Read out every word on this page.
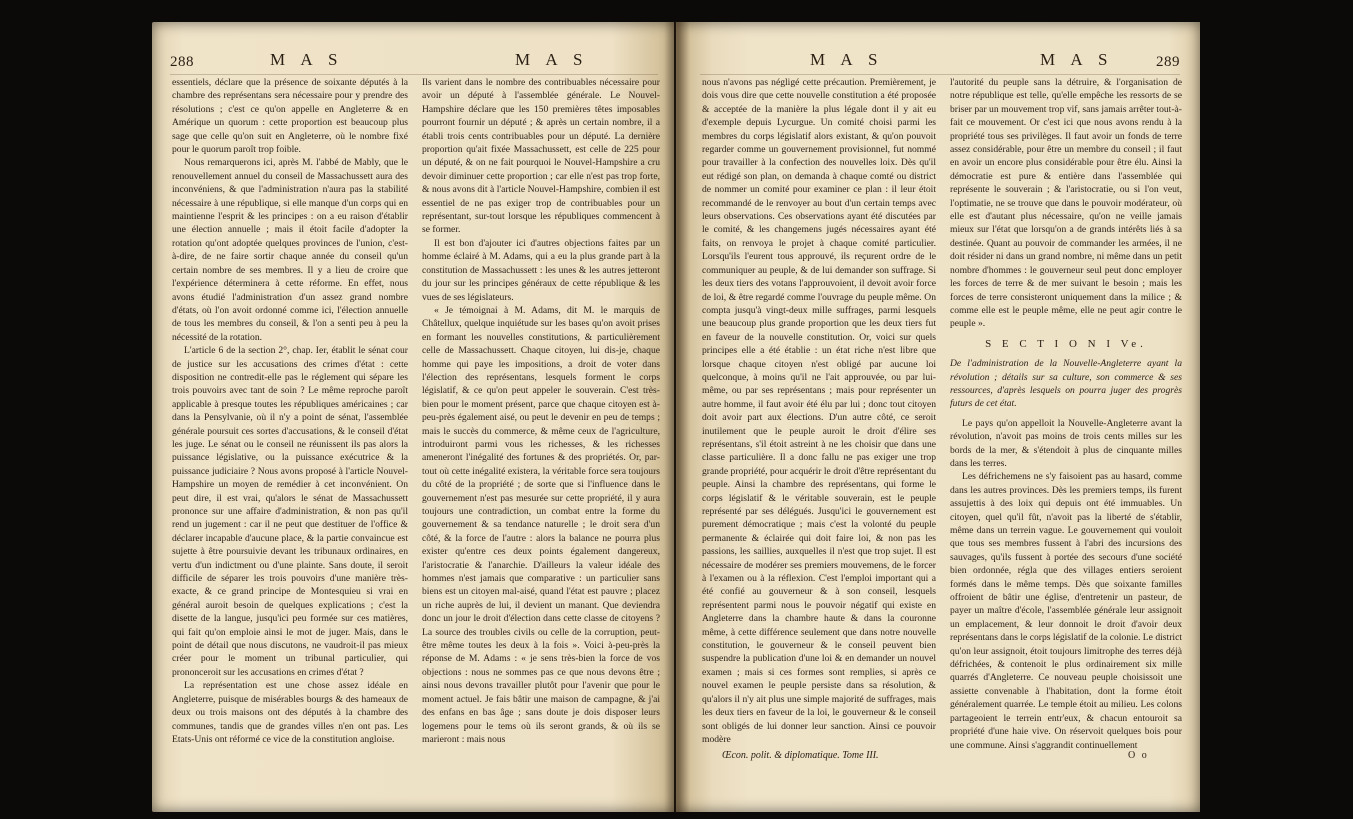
288	M A S	M A S

essentiels, déclare que la présence de soixante députés à la chambre des représentans sera nécessaire pour y prendre des résolutions ; c'est ce qu'on appelle en Angleterre & en Amérique un quorum : cette proportion est beaucoup plus sage que celle qu'on suit en Angleterre, où le nombre fixé pour le quorum paroît trop foible.

Nous remarquerons ici, après M. l'abbé de Mably, que le renouvellement annuel du conseil de Massachussett aura des inconvéniens, & que l'administration n'aura pas la stabilité nécessaire à une république, si elle manque d'un corps qui en maintienne l'esprit & les principes : on a eu raison d'établir une élection annuelle ; mais il étoit facile d'adopter la rotation qu'ont adoptée quelques provinces de l'union, c'est-à-dire, de ne faire sortir chaque année du conseil qu'un certain nombre de ses membres. Il y a lieu de croire que l'expérience déterminera à cette réforme. En effet, nous avons étudié l'administration d'un assez grand nombre d'états, où l'on avoit ordonné comme ici, l'élection annuelle de tous les membres du conseil, & l'on a senti peu à peu la nécessité de la rotation.

L'article 6 de la section 2°, chap. Ier, établit le sénat cour de justice sur les accusations des crimes d'état : cette disposition ne contredit-elle pas le réglement qui sépare les trois pouvoirs avec tant de soin ? Le même reproche paroît applicable à presque toutes les républiques américaines ; car dans la Pensylvanie, où il n'y a point de sénat, l'assemblée générale poursuit ces sortes d'accusations, & le conseil d'état les juge. Le sénat ou le conseil ne réunissent ils pas alors la puissance législative, ou la puissance exécutrice & la puissance judiciaire ? Nous avons proposé à l'article Nouvel-Hampshire un moyen de remédier à cet inconvénient. On peut dire, il est vrai, qu'alors le sénat de Massachussett prononce sur une affaire d'administration, & non pas qu'il rend un jugement : car il ne peut que destituer de l'office & déclarer incapable d'aucune place, & la partie convaincue est sujette à être poursuivie devant les tribunaux ordinaires, en vertu d'un indictment ou d'une plainte. Sans doute, il seroit difficile de séparer les trois pouvoirs d'une manière très-exacte, & ce grand principe de Montesquieu si vrai en général auroit besoin de quelques explications ; c'est la disette de la langue, jusqu'ici peu formée sur ces matières, qui fait qu'on emploie ainsi le mot de juger. Mais, dans le point de détail que nous discutons, ne vaudroit-il pas mieux créer pour le moment un tribunal particulier, qui prononceroit sur les accusations en crimes d'état ?

La représentation est une chose assez idéale en Angleterre, puisque de misérables bourgs & des hameaux de deux ou trois maisons ont des députés à la chambre des communes, tandis que de grandes villes n'en ont pas. Les Etats-Unis ont réformé ce vice de la constitution angloise.

Ils varient dans le nombre des contribuables nécessaire pour avoir un député à l'assemblée générale. Le Nouvel-Hampshire déclare que les 150 premières têtes imposables pourront fournir un député ; & après un certain nombre, il a établi trois cents contribuables pour un député. La dernière proportion qu'ait fixée Massachussett, est celle de 225 pour un député, & on ne fait pourquoi le Nouvel-Hampshire a cru devoir diminuer cette proportion ; car elle n'est pas trop forte, & nous avons dit à l'article Nouvel-Hampshire, combien il est essentiel de ne pas exiger trop de contribuables pour un représentant, sur-tout lorsque les républiques commencent à se former.

Il est bon d'ajouter ici d'autres objections faites par un homme éclairé à M. Adams, qui a eu la plus grande part à la constitution de Massachussett : les unes & les autres jetteront du jour sur les principes généraux de cette république & les vues de ses législateurs.

« Je témoignai à M. Adams, dit M. le marquis de Châtellux, quelque inquiétude sur les bases qu'on avoit prises en formant les nouvelles constitutions, & particulièrement celle de Massachussett. Chaque citoyen, lui dis-je, chaque homme qui paye les impositions, a droit de voter dans l'élection des représentans, lesquels forment le corps législatif, & ce qu'on peut appeler le souverain. C'est très-bien pour le moment présent, parce que chaque citoyen est à-peu-près également aisé, ou peut le devenir en peu de temps ; mais le succès du commerce, & même ceux de l'agriculture, introduiront parmi vous les richesses, & les richesses ameneront l'inégalité des fortunes & des propriétés. Or, par-tout où cette inégalité existera, la véritable force sera toujours du côté de la propriété ; de sorte que si l'influence dans le gouvernement n'est pas mesurée sur cette propriété, il y aura toujours une contradiction, un combat entre la forme du gouvernement & sa tendance naturelle ; le droit sera d'un côté, & la force de l'autre : alors la balance ne pourra plus exister qu'entre ces deux points également dangereux, l'aristocratie & l'anarchie. D'ailleurs la valeur idéale des hommes n'est jamais que comparative : un particulier sans biens est un citoyen mal-aisé, quand l'état est pauvre ; placez un riche auprès de lui, il devient un manant. Que deviendra donc un jour le droit d'élection dans cette classe de citoyens ? La source des troubles civils ou celle de la corruption, peut-être même toutes les deux à la fois ». Voici à-peu-près la réponse de M. Adams : « je sens très-bien la force de vos objections : nous ne sommes pas ce que nous devons être ; ainsi nous devons travailler plutôt pour l'avenir que pour le moment actuel. Je fais bâtir une maison de campagne, & j'ai des enfans en bas âge ; sans doute je dois disposer leurs logemens pour le tems où ils seront grands, & où ils se marieront : mais nous

M A S	M A S	289

nous n'avons pas négligé cette précaution. Premièrement, je dois vous dire que cette nouvelle constitution a été proposée & acceptée de la manière la plus légale dont il y ait eu d'exemple depuis Lycurgue. Un comité choisi parmi les membres du corps législatif alors existant, & qu'on pouvoit regarder comme un gouvernement provisionnel, fut nommé pour travailler à la confection des nouvelles loix. Dès qu'il eut rédigé son plan, on demanda à chaque comté ou district de nommer un comité pour examiner ce plan : il leur étoit recommandé de le renvoyer au bout d'un certain temps avec leurs observations. Ces observations ayant été discutées par le comité, & les changemens jugés nécessaires ayant été faits, on renvoya le projet à chaque comité particulier. Lorsqu'ils l'eurent tous approuvé, ils reçurent ordre de le communiquer au peuple, & de lui demander son suffrage. Si les deux tiers des votans l'approuvoient, il devoit avoir force de loi, & être regardé comme l'ouvrage du peuple même. On compta jusqu'à vingt-deux mille suffrages, parmi lesquels une beaucoup plus grande proportion que les deux tiers fut en faveur de la nouvelle constitution. Or, voici sur quels principes elle a été établie : un état riche n'est libre que lorsque chaque citoyen n'est obligé par aucune loi quelconque, à moins qu'il ne l'ait approuvée, ou par lui-même, ou par ses représentans ; mais pour représenter un autre homme, il faut avoir été élu par lui ; donc tout citoyen doit avoir part aux élections. D'un autre côté, ce seroit inutilement que le peuple auroit le droit d'élire ses représentans, s'il étoit astreint à ne les choisir que dans une classe particulière. Il a donc fallu ne pas exiger une trop grande propriété, pour acquérir le droit d'être représentant du peuple. Ainsi la chambre des représentans, qui forme le corps législatif & le véritable souverain, est le peuple représenté par ses délégués. Jusqu'ici le gouvernement est purement démocratique ; mais c'est la volonté du peuple permanente & éclairée qui doit faire loi, & non pas les passions, les saillies, auxquelles il n'est que trop sujet. Il est nécessaire de modérer ses premiers mouvemens, de le forcer à l'examen ou à la réflexion. C'est l'emploi important qui a été confié au gouverneur & à son conseil, lesquels représentent parmi nous le pouvoir négatif qui existe en Angleterre dans la chambre haute & dans la couronne même, à cette différence seulement que dans notre nouvelle constitution, le gouverneur & le conseil peuvent bien suspendre la publication d'une loi & en demander un nouvel examen ; mais si ces formes sont remplies, si après ce nouvel examen le peuple persiste dans sa résolution, & qu'alors il n'y ait plus une simple majorité de suffrages, mais les deux tiers en faveur de la loi, le gouverneur & le conseil sont obligés de lui donner leur sanction. Ainsi ce pouvoir modère

l'autorité du peuple sans la détruire, & l'organisation de notre république est telle, qu'elle empêche les ressorts de se briser par un mouvement trop vif, sans jamais arrêter tout-à-fait ce mouvement. Or c'est ici que nous avons rendu à la propriété tous ses privilèges. Il faut avoir un fonds de terre assez considérable, pour être un membre du conseil ; il faut en avoir un encore plus considérable pour être élu. Ainsi la démocratie est pure & entière dans l'assemblée qui représente le souverain ; & l'aristocratie, ou si l'on veut, l'optimatie, ne se trouve que dans le pouvoir modérateur, où elle est d'autant plus nécessaire, qu'on ne veille jamais mieux sur l'état que lorsqu'on a de grands intérêts liés à sa destinée. Quant au pouvoir de commander les armées, il ne doit résider ni dans un grand nombre, ni même dans un petit nombre d'hommes : le gouverneur seul peut donc employer les forces de terre & de mer suivant le besoin ; mais les forces de terre consisteront uniquement dans la milice ; & comme elle est le peuple même, elle ne peut agir contre le peuple ».

S E C T I O N I Ve.

De l'administration de la Nouvelle-Angleterre ayant la révolution ; détails sur sa culture, son commerce & ses ressources, d'après lesquels on pourra juger des progrès futurs de cet état.

Le pays qu'on appelloit la Nouvelle-Angleterre avant la révolution, n'avoit pas moins de trois cents milles sur les bords de la mer, & s'étendoit à plus de cinquante milles dans les terres.

Les défrichemens ne s'y faisoient pas au hasard, comme dans les autres provinces. Dès les premiers temps, ils furent assujettis à des loix qui depuis ont été immuables. Un citoyen, quel qu'il fût, n'avoit pas la liberté de s'établir, même dans un terrein vague. Le gouvernement qui vouloit que tous ses membres fussent à l'abri des incursions des sauvages, qu'ils fussent à portée des secours d'une société bien ordonnée, régla que des villages entiers seroient formés dans le même temps. Dès que soixante familles offroient de bâtir une église, d'entretenir un pasteur, de payer un maître d'école, l'assemblée générale leur assignoit un emplacement, & leur donnoit le droit d'avoir deux représentans dans le corps législatif de la colonie. Le district qu'on leur assignoit, étoit toujours limitrophe des terres déjà défrichées, & contenoit le plus ordinairement six mille quarrés d'Angleterre. Ce nouveau peuple choisissoit une assiette convenable à l'habitation, dont la forme étoit généralement quarrée. Le temple étoit au milieu. Les colons partageoient le terrein entr'eux, & chacun entouroit sa propriété d'une haie vive. On réservoit quelques bois pour une commune. Ainsi s'aggrandit continuellement

Œcon. polit. & diplomatique. Tome III.	O o
